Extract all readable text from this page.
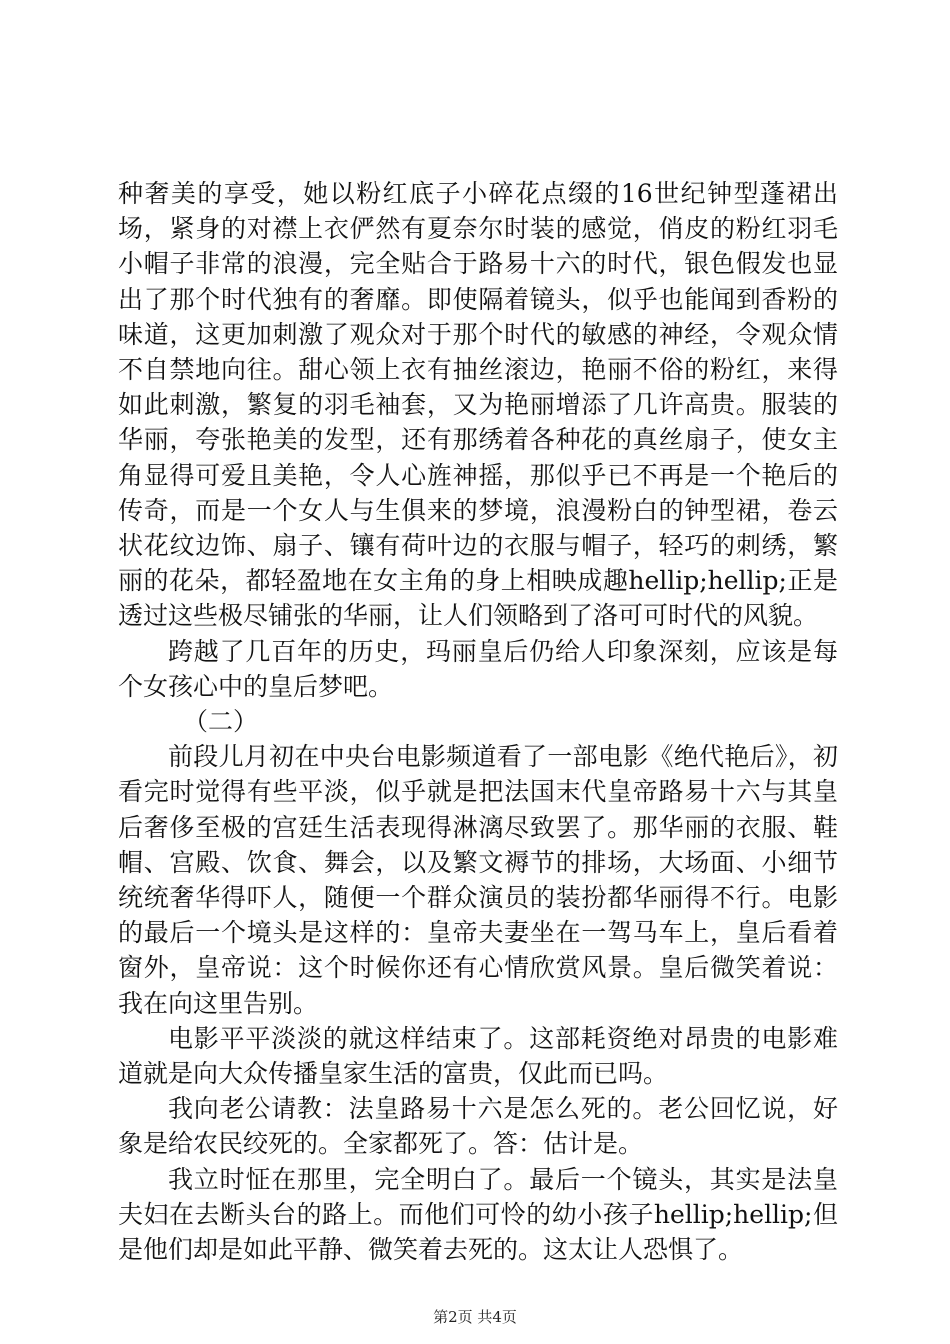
种奢美的享受，她以粉红底子小碎花点缀的16世纪钟型蓬裙出场，紧身的对襟上衣俨然有夏奈尔时装的感觉，俏皮的粉红羽毛小帽子非常的浪漫，完全贴合于路易十六的时代，银色假发也显出了那个时代独有的奢靡。即使隔着镜头，似乎也能闻到香粉的味道，这更加刺激了观众对于那个时代的敏感的神经，令观众情不自禁地向往。甜心领上衣有抽丝滚边，艳丽不俗的粉红，来得如此刺激，繁复的羽毛袖套，又为艳丽增添了几许高贵。服装的华丽，夸张艳美的发型，还有那绣着各种花的真丝扇子，使女主角显得可爱且美艳，令人心旌神摇，那似乎已不再是一个艳后的传奇，而是一个女人与生俱来的梦境，浪漫粉白的钟型裙，卷云状花纹边饰、扇子、镶有荷叶边的衣服与帽子，轻巧的刺绣，繁丽的花朵，都轻盈地在女主角的身上相映成趣hellip;hellip;正是透过这些极尽铺张的华丽，让人们领略到了洛可可时代的风貌。

跨越了几百年的历史，玛丽皇后仍给人印象深刻，应该是每个女孩心中的皇后梦吧。

（二）

前段儿月初在中央台电影频道看了一部电影《绝代艳后》，初看完时觉得有些平淡，似乎就是把法国末代皇帝路易十六与其皇后奢侈至极的宫廷生活表现得淋漓尽致罢了。那华丽的衣服、鞋帽、宫殿、饮食、舞会，以及繁文褥节的排场，大场面、小细节统统奢华得吓人，随便一个群众演员的装扮都华丽得不行。电影的最后一个境头是这样的：皇帝夫妻坐在一驾马车上，皇后看着窗外，皇帝说：这个时候你还有心情欣赏风景。皇后微笑着说：我在向这里告别。

电影平平淡淡的就这样结束了。这部耗资绝对昂贵的电影难道就是向大众传播皇家生活的富贵，仅此而已吗。

我向老公请教：法皇路易十六是怎么死的。老公回忆说，好象是给农民绞死的。全家都死了。答：估计是。

我立时怔在那里，完全明白了。最后一个镜头，其实是法皇夫妇在去断头台的路上。而他们可怜的幼小孩子hellip;hellip;但是他们却是如此平静、微笑着去死的。这太让人恐惧了。

第2页 共4页
